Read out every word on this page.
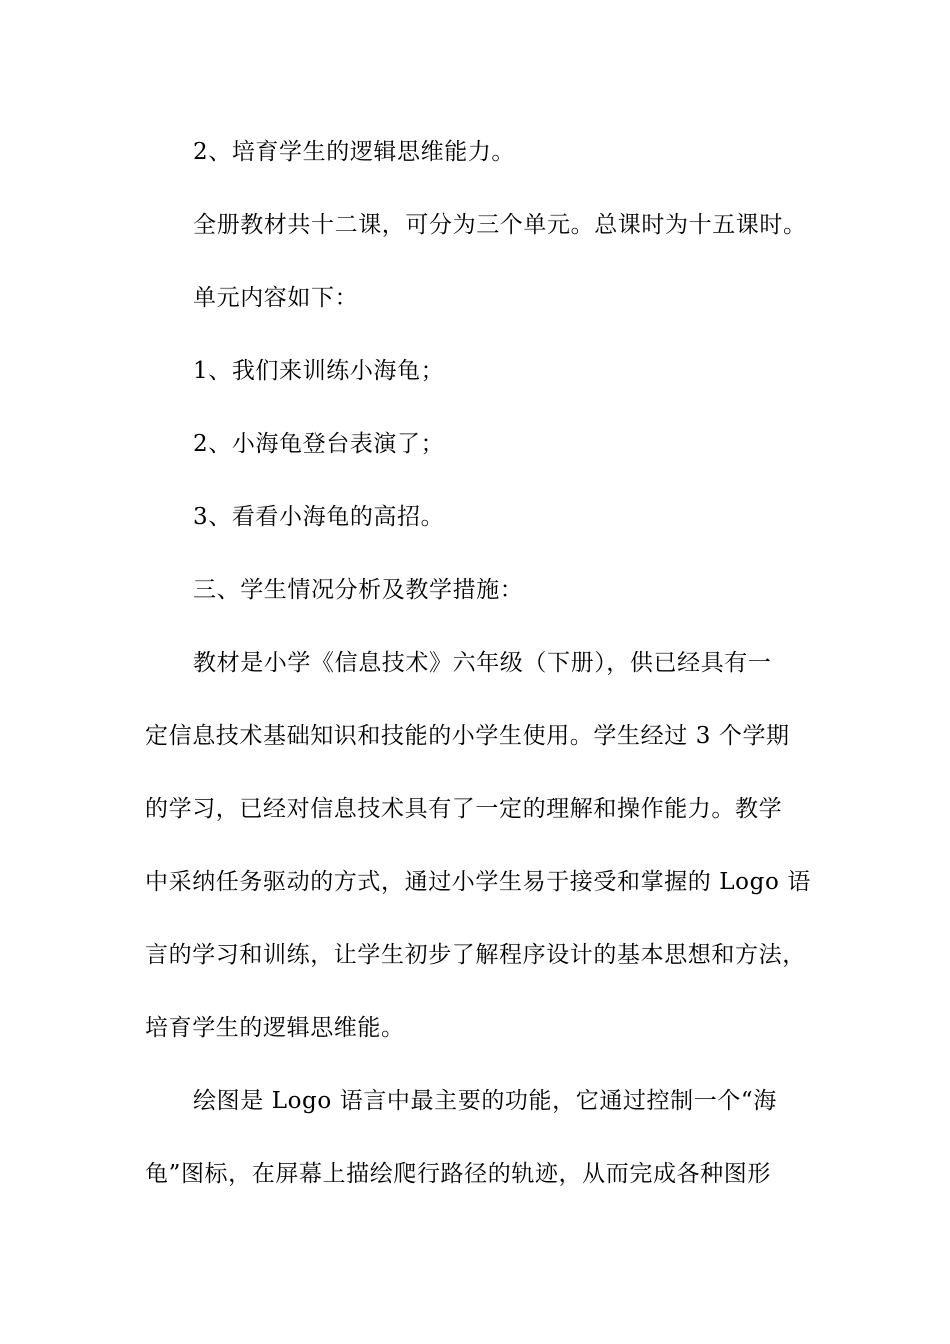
2、培育学生的逻辑思维能力。
全册教材共十二课，可分为三个单元。总课时为十五课时。
单元内容如下：
1、我们来训练小海龟；
2、小海龟登台表演了；
3、看看小海龟的高招。
三、学生情况分析及教学措施：
教材是小学《信息技术》六年级（下册），供已经具有一
定信息技术基础知识和技能的小学生使用。学生经过 3 个学期
的学习，已经对信息技术具有了一定的理解和操作能力。教学
中采纳任务驱动的方式，通过小学生易于接受和掌握的 Logo 语
言的学习和训练，让学生初步了解程序设计的基本思想和方法，
培育学生的逻辑思维能。
绘图是 Logo 语言中最主要的功能，它通过控制一个“海
龟”图标，在屏幕上描绘爬行路径的轨迹，从而完成各种图形
